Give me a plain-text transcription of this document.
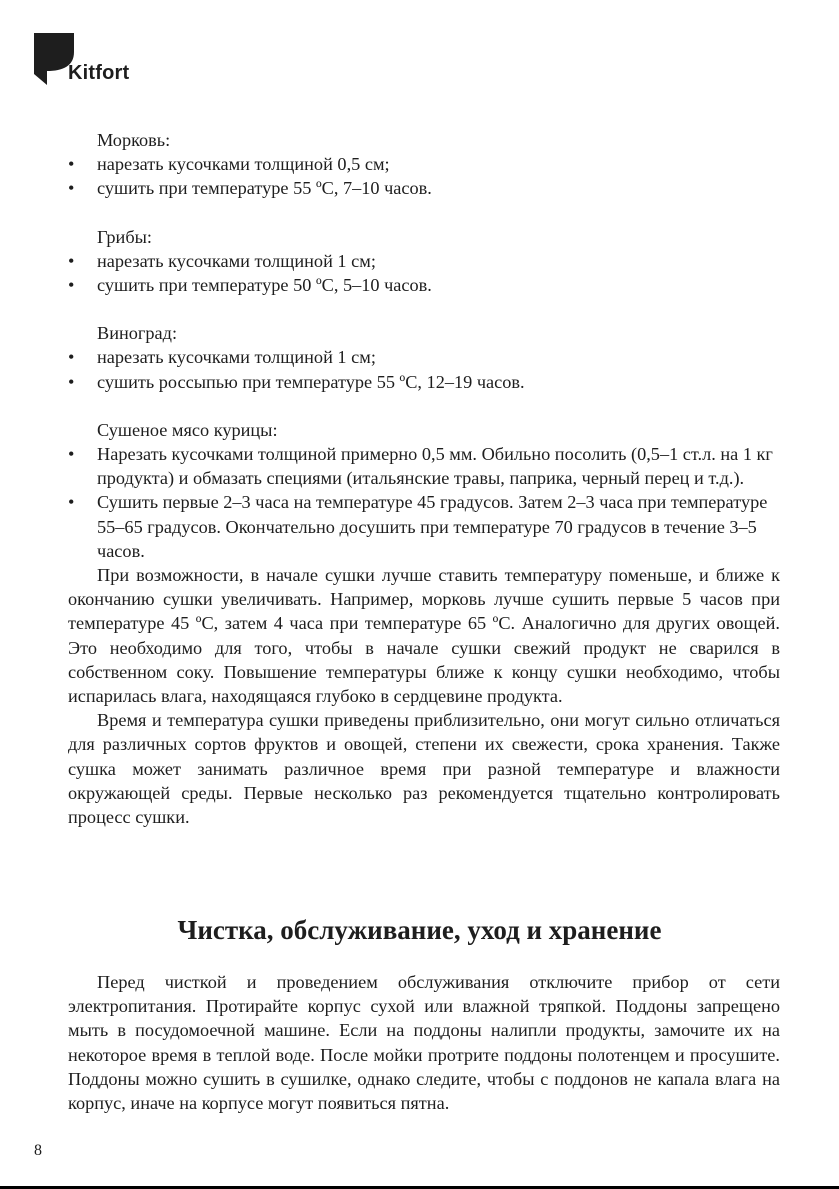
Kitfort

Морковь:

• нарезать кусочками толщиной 0,5 см;
• сушить при температуре 55 ºС, 7–10 часов.

Грибы:

• нарезать кусочками толщиной 1 см;
• сушить при температуре 50 ºС, 5–10 часов.

Виноград:

• нарезать кусочками толщиной 1 см;
• сушить россыпью при температуре 55 ºС, 12–19 часов.

Сушеное мясо курицы:

• Нарезать кусочками толщиной примерно 0,5 мм. Обильно посолить (0,5–1 ст.л. на 1 кг продукта) и обмазать специями (итальянские травы, паприка, черный перец и т.д.).
• Сушить первые 2–3 часа на температуре 45 градусов. Затем 2–3 часа при температуре 55–65 градусов. Окончательно досушить при температуре 70 градусов в течение 3–5 часов.

При возможности, в начале сушки лучше ставить температуру поменьше, и ближе к окончанию сушки увеличивать. Например, морковь лучше сушить первые 5 часов при температуре 45 ºС, затем 4 часа при температуре 65 ºС. Аналогично для других овощей. Это необходимо для того, чтобы в начале сушки свежий продукт не сварился в собственном соку. Повышение температуры ближе к концу сушки необходимо, чтобы испарилась влага, находящаяся глубоко в сердцевине продукта.

Время и температура сушки приведены приблизительно, они могут сильно отличаться для различных сортов фруктов и овощей, степени их свежести, срока хранения. Также сушка может занимать различное время при разной температуре и влажности окружающей среды. Первые несколько раз рекомендуется тщательно контролировать процесс сушки.

Чистка, обслуживание, уход и хранение

Перед чисткой и проведением обслуживания отключите прибор от сети электропитания. Протирайте корпус сухой или влажной тряпкой. Поддоны запрещено мыть в посудомоечной машине. Если на поддоны налипли продукты, замочите их на некоторое время в теплой воде. После мойки протрите поддоны полотенцем и просушите. Поддоны можно сушить в сушилке, однако следите, чтобы с поддонов не капала влага на корпус, иначе на корпусе могут появиться пятна.

8
